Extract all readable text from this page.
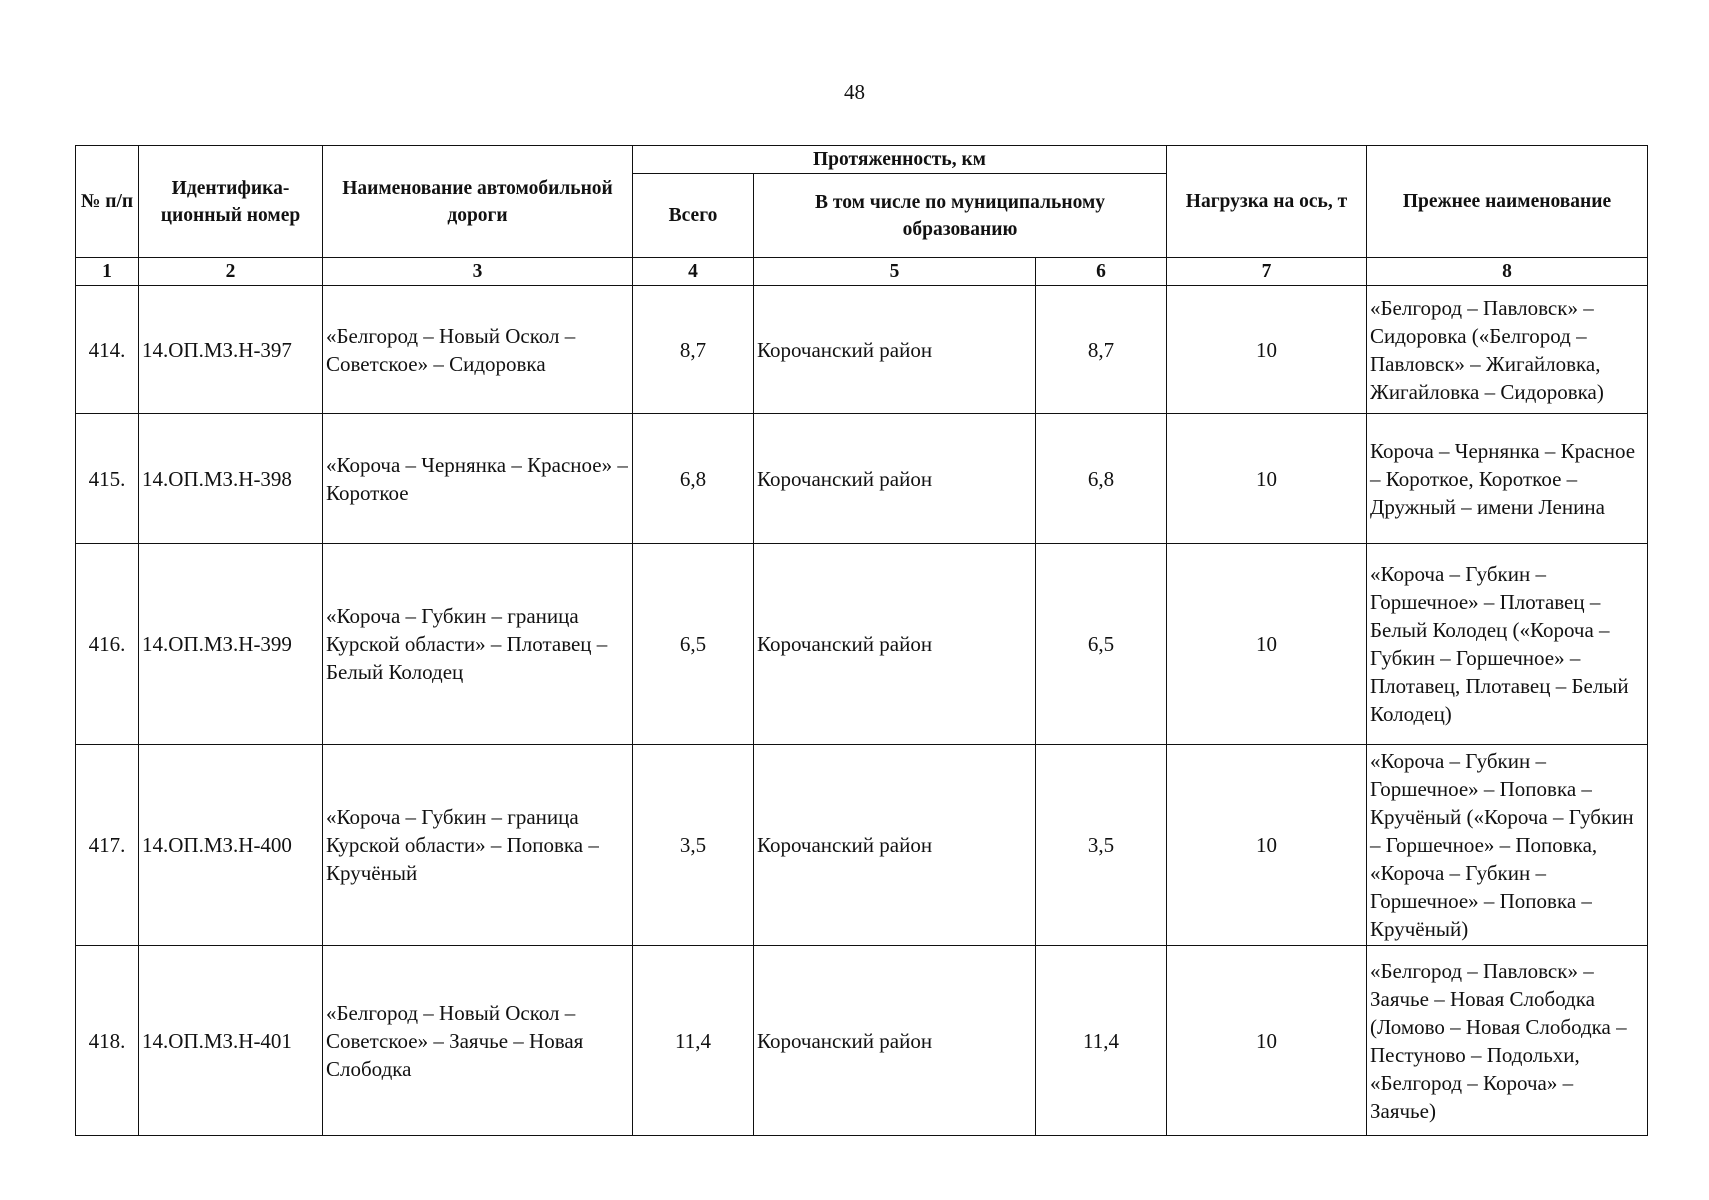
48
№ п/п	Идентифика-ционный номер	Наименование автомобильной дороги	Протяженность, км			Нагрузка на ось, т	Прежнее наименование
			Всего	В том числе по муниципальному образованию			
1	2	3	4	5	6	7	8
414.	14.ОП.МЗ.Н-397	«Белгород – Новый Оскол – Советское» – Сидоровка	8,7	Корочанский район	8,7	10	«Белгород – Павловск» – Сидоровка («Белгород – Павловск» – Жигайловка, Жигайловка – Сидоровка)
415.	14.ОП.МЗ.Н-398	«Короча – Чернянка – Красное» – Короткое	6,8	Корочанский район	6,8	10	Короча – Чернянка – Красное – Короткое, Короткое – Дружный – имени Ленина
416.	14.ОП.МЗ.Н-399	«Короча – Губкин – граница Курской области» – Плотавец – Белый Колодец	6,5	Корочанский район	6,5	10	«Короча – Губкин – Горшечное» – Плотавец – Белый Колодец («Короча – Губкин – Горшечное» – Плотавец, Плотавец – Белый Колодец)
417.	14.ОП.МЗ.Н-400	«Короча – Губкин – граница Курской области» – Поповка – Кручёный	3,5	Корочанский район	3,5	10	«Короча – Губкин – Горшечное» – Поповка – Кручёный («Короча – Губкин – Горшечное» – Поповка, «Короча – Губкин – Горшечное» – Поповка – Кручёный)
418.	14.ОП.МЗ.Н-401	«Белгород – Новый Оскол – Советское» – Заячье – Новая Слободка	11,4	Корочанский район	11,4	10	«Белгород – Павловск» – Заячье – Новая Слободка (Ломово – Новая Слободка – Пестуново – Подольхи, «Белгород – Короча» – Заячье)
